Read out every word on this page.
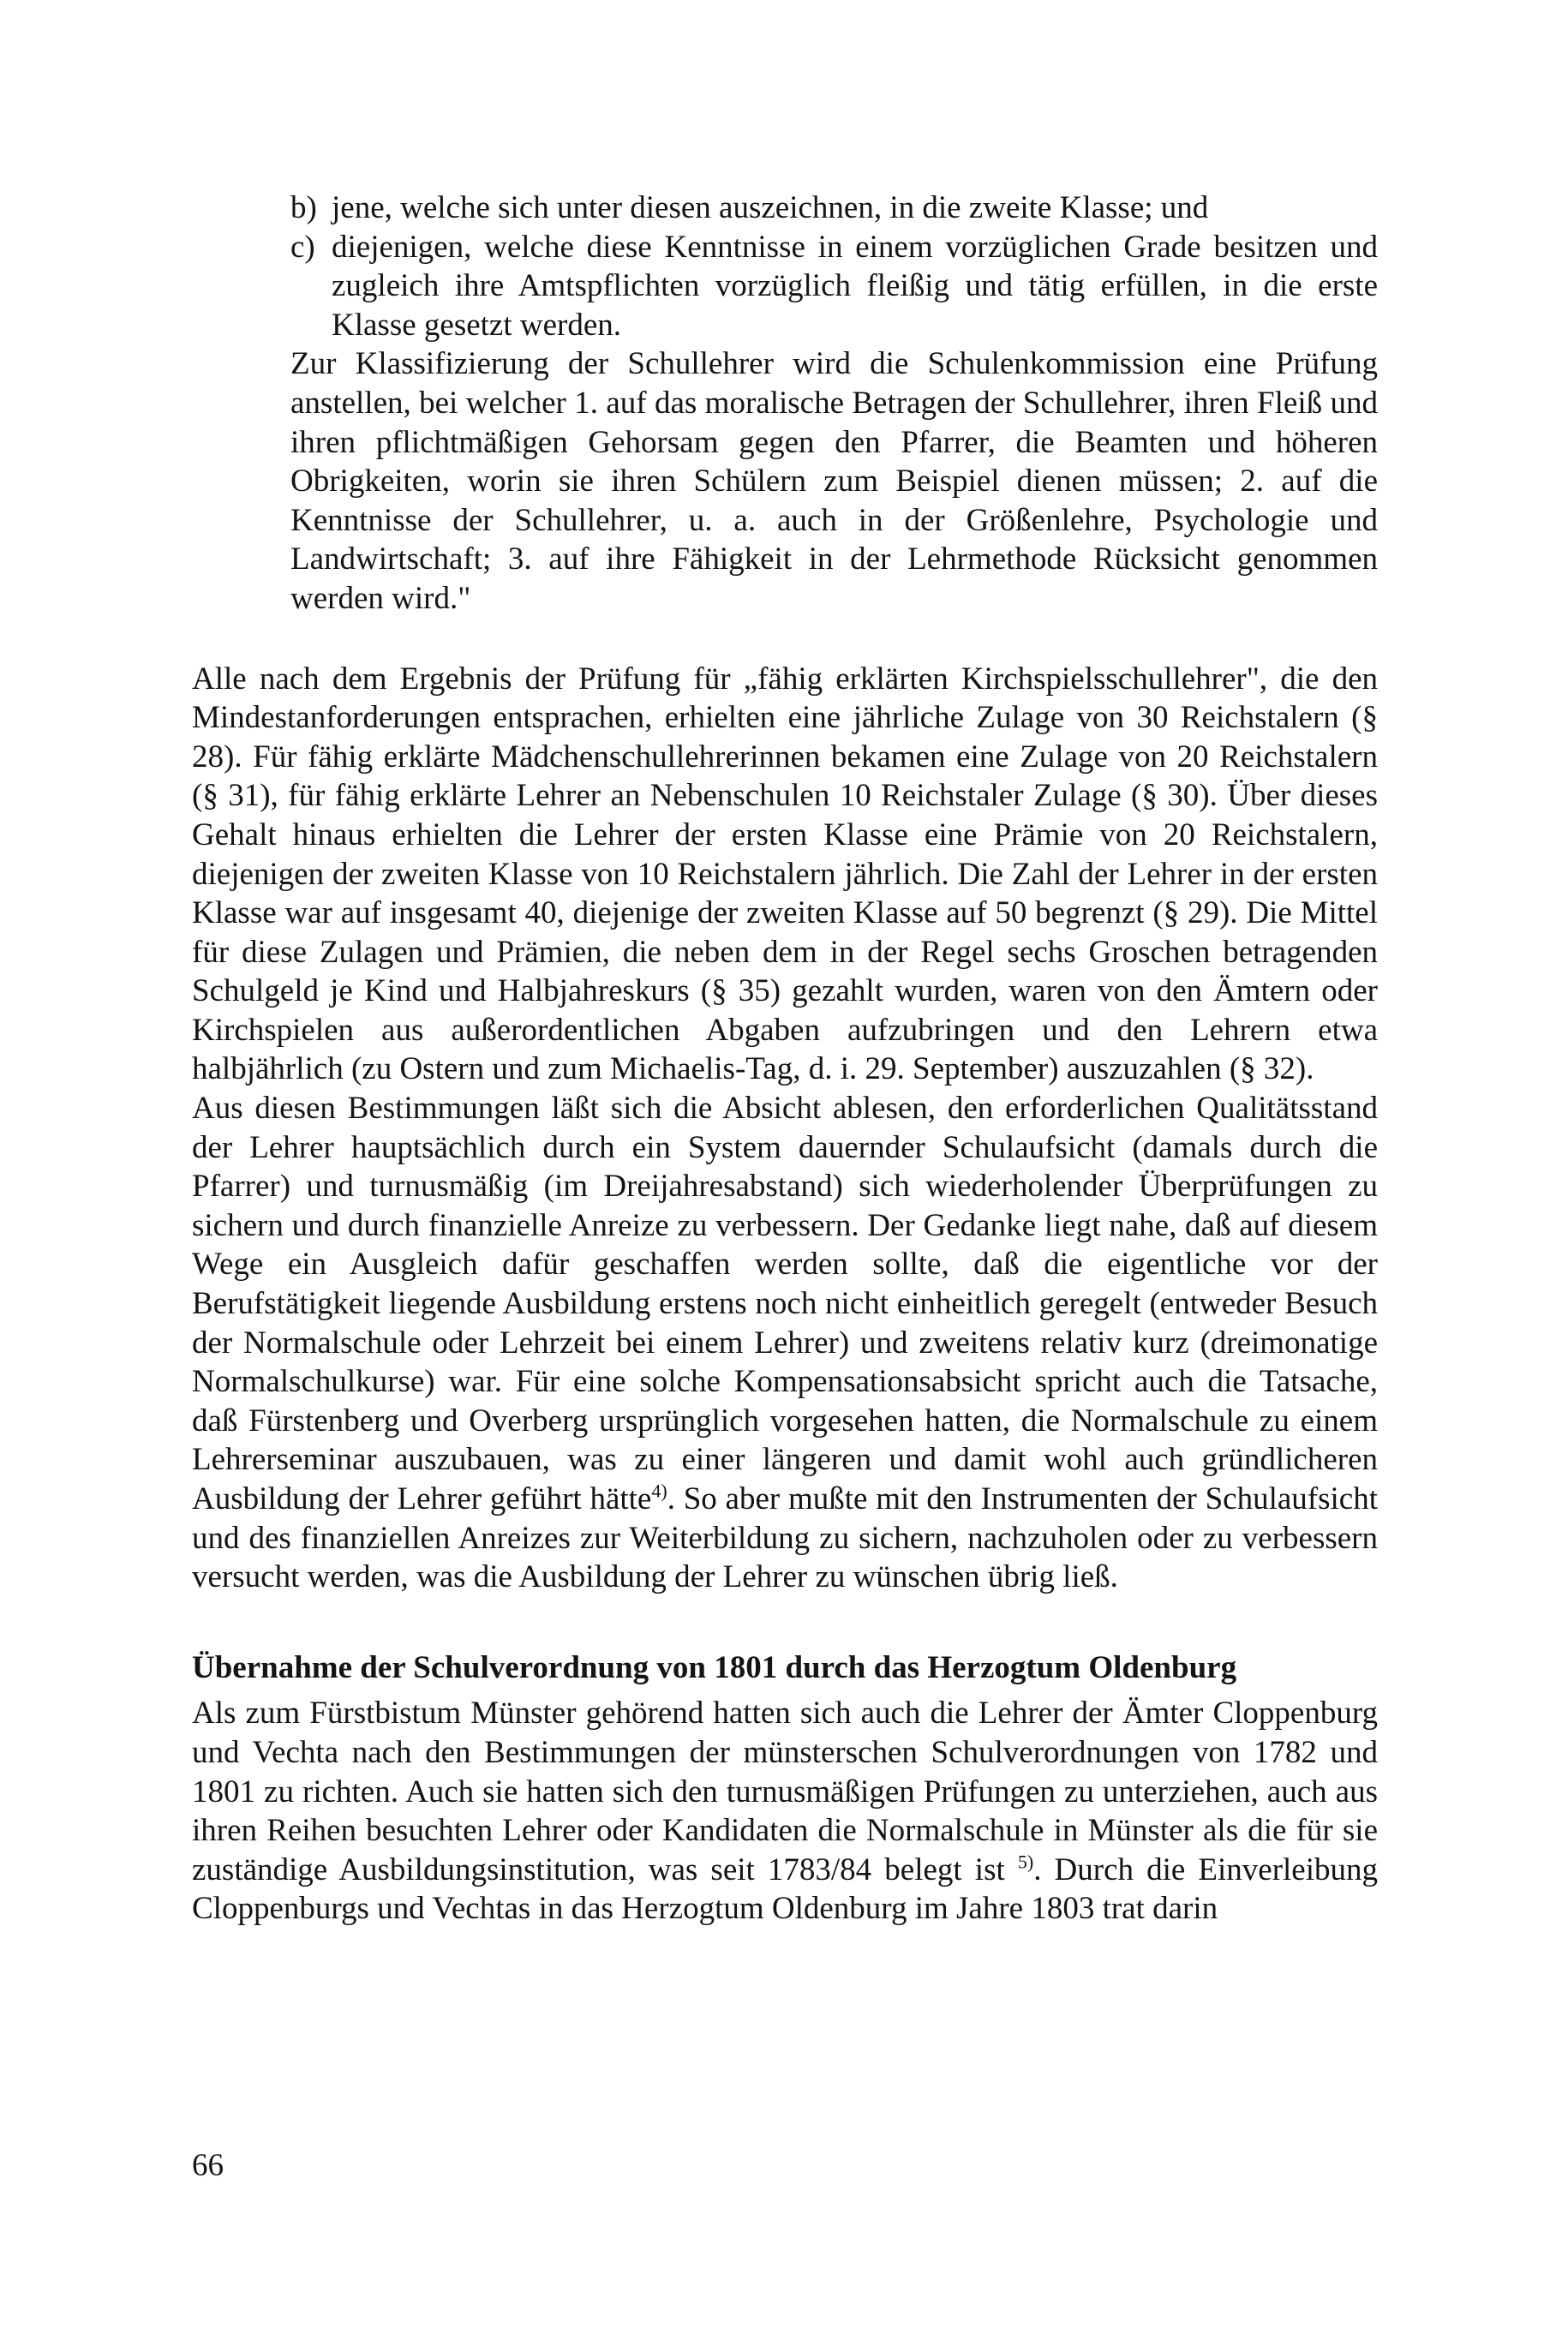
b) jene, welche sich unter diesen auszeichnen, in die zweite Klasse; und

c) diejenigen, welche diese Kenntnisse in einem vorzüglichen Grade besitzen und zugleich ihre Amtspflichten vorzüglich fleißig und tätig erfüllen, in die erste Klasse gesetzt werden.

Zur Klassifizierung der Schullehrer wird die Schulenkommission eine Prüfung anstellen, bei welcher 1. auf das moralische Betragen der Schullehrer, ihren Fleiß und ihren pflichtmäßigen Gehorsam gegen den Pfarrer, die Beamten und höheren Obrigkeiten, worin sie ihren Schülern zum Beispiel dienen müssen; 2. auf die Kenntnisse der Schullehrer, u. a. auch in der Größenlehre, Psychologie und Landwirtschaft; 3. auf ihre Fähigkeit in der Lehrmethode Rücksicht genommen werden wird."

Alle nach dem Ergebnis der Prüfung für „fähig erklärten Kirchspielsschullehrer", die den Mindestanforderungen entsprachen, erhielten eine jährliche Zulage von 30 Reichstalern (§ 28). Für fähig erklärte Mädchenschullehrerinnen bekamen eine Zulage von 20 Reichstalern (§ 31), für fähig erklärte Lehrer an Nebenschulen 10 Reichstaler Zulage (§ 30). Über dieses Gehalt hinaus erhielten die Lehrer der ersten Klasse eine Prämie von 20 Reichstalern, diejenigen der zweiten Klasse von 10 Reichstalern jährlich. Die Zahl der Lehrer in der ersten Klasse war auf insgesamt 40, diejenige der zweiten Klasse auf 50 begrenzt (§ 29). Die Mittel für diese Zulagen und Prämien, die neben dem in der Regel sechs Groschen betragenden Schulgeld je Kind und Halbjahreskurs (§ 35) gezahlt wurden, waren von den Ämtern oder Kirchspielen aus außerordentlichen Abgaben aufzubringen und den Lehrern etwa halbjährlich (zu Ostern und zum Michaelis-Tag, d. i. 29. September) auszuzahlen (§ 32).

Aus diesen Bestimmungen läßt sich die Absicht ablesen, den erforderlichen Qualitätsstand der Lehrer hauptsächlich durch ein System dauernder Schulaufsicht (damals durch die Pfarrer) und turnusmäßig (im Dreijahresabstand) sich wiederholender Überprüfungen zu sichern und durch finanzielle Anreize zu verbessern. Der Gedanke liegt nahe, daß auf diesem Wege ein Ausgleich dafür geschaffen werden sollte, daß die eigentliche vor der Berufstätigkeit liegende Ausbildung erstens noch nicht einheitlich geregelt (entweder Besuch der Normalschule oder Lehrzeit bei einem Lehrer) und zweitens relativ kurz (dreimonatige Normalschulkurse) war. Für eine solche Kompensationsabsicht spricht auch die Tatsache, daß Fürstenberg und Overberg ursprünglich vorgesehen hatten, die Normalschule zu einem Lehrerseminar auszubauen, was zu einer längeren und damit wohl auch gründlicheren Ausbildung der Lehrer geführt hätte$^{4)}$. So aber mußte mit den Instrumenten der Schulaufsicht und des finanziellen Anreizes zur Weiterbildung zu sichern, nachzuholen oder zu verbessern versucht werden, was die Ausbildung der Lehrer zu wünschen übrig ließ.

Übernahme der Schulverordnung von 1801 durch das Herzogtum Oldenburg

Als zum Fürstbistum Münster gehörend hatten sich auch die Lehrer der Ämter Cloppenburg und Vechta nach den Bestimmungen der münsterschen Schulverordnungen von 1782 und 1801 zu richten. Auch sie hatten sich den turnusmäßigen Prüfungen zu unterziehen, auch aus ihren Reihen besuchten Lehrer oder Kandidaten die Normalschule in Münster als die für sie zuständige Ausbildungsinstitution, was seit 1783/84 belegt ist $^{5)}$. Durch die Einverleibung Cloppenburgs und Vechtas in das Herzogtum Oldenburg im Jahre 1803 trat darin

66
